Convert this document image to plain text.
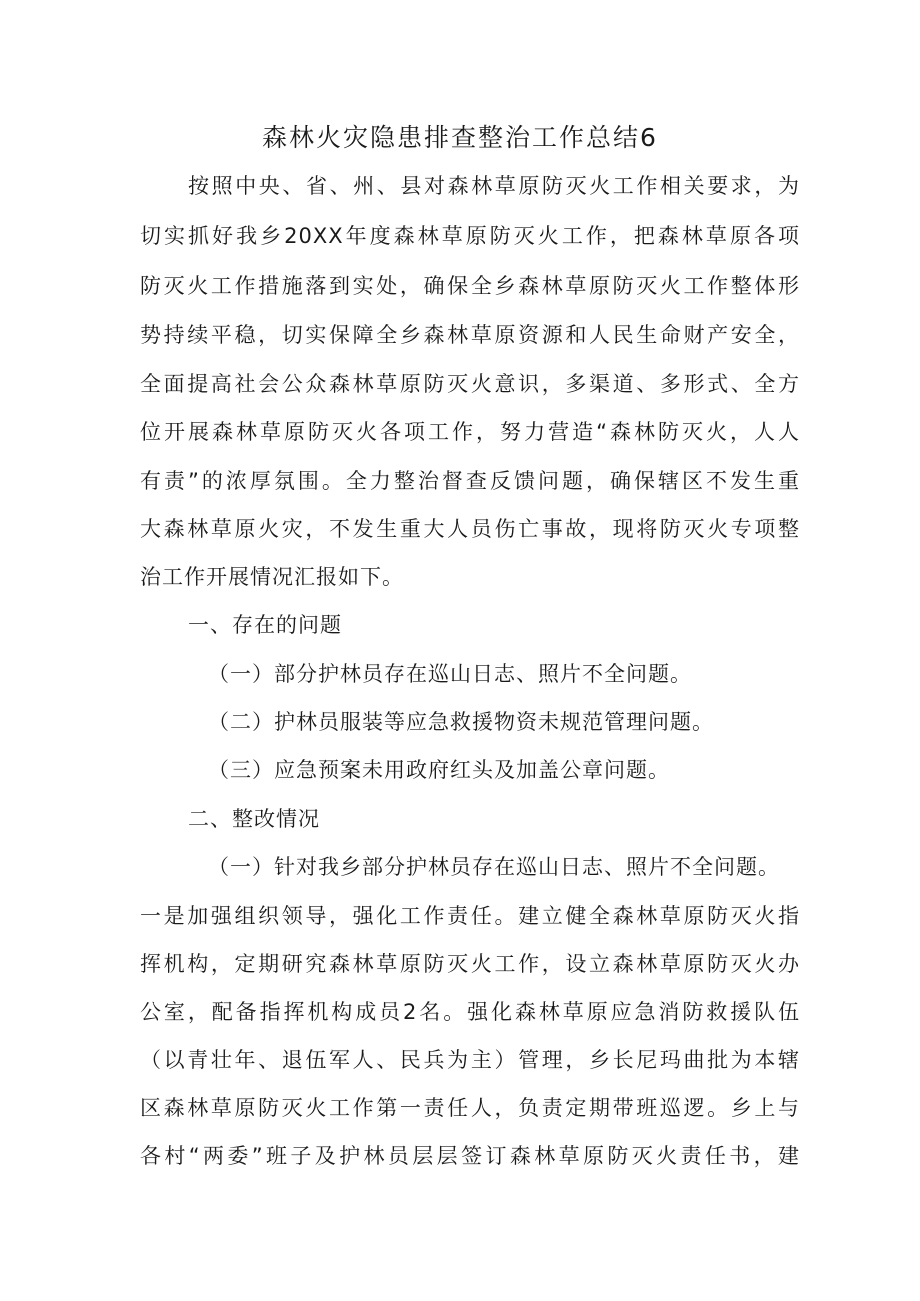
森林火灾隐患排查整治工作总结6
按照中央、省、州、县对森林草原防灭火工作相关要求，为
切实抓好我乡20XX年度森林草原防灭火工作，把森林草原各项
防灭火工作措施落到实处，确保全乡森林草原防灭火工作整体形
势持续平稳，切实保障全乡森林草原资源和人民生命财产安全，
全面提高社会公众森林草原防灭火意识，多渠道、多形式、全方
位开展森林草原防灭火各项工作，努力营造“森林防灭火，人人
有责”的浓厚氛围。全力整治督查反馈问题，确保辖区不发生重
大森林草原火灾，不发生重大人员伤亡事故，现将防灭火专项整
治工作开展情况汇报如下。
一、存在的问题
（一）部分护林员存在巡山日志、照片不全问题。
（二）护林员服装等应急救援物资未规范管理问题。
（三）应急预案未用政府红头及加盖公章问题。
二、整改情况
（一）针对我乡部分护林员存在巡山日志、照片不全问题。
一是加强组织领导，强化工作责任。建立健全森林草原防灭火指
挥机构，定期研究森林草原防灭火工作，设立森林草原防灭火办
公室，配备指挥机构成员2名。强化森林草原应急消防救援队伍
（以青壮年、退伍军人、民兵为主）管理，乡长尼玛曲批为本辖
区森林草原防灭火工作第一责任人，负责定期带班巡逻。乡上与
各村“两委”班子及护林员层层签订森林草原防灭火责任书，建
